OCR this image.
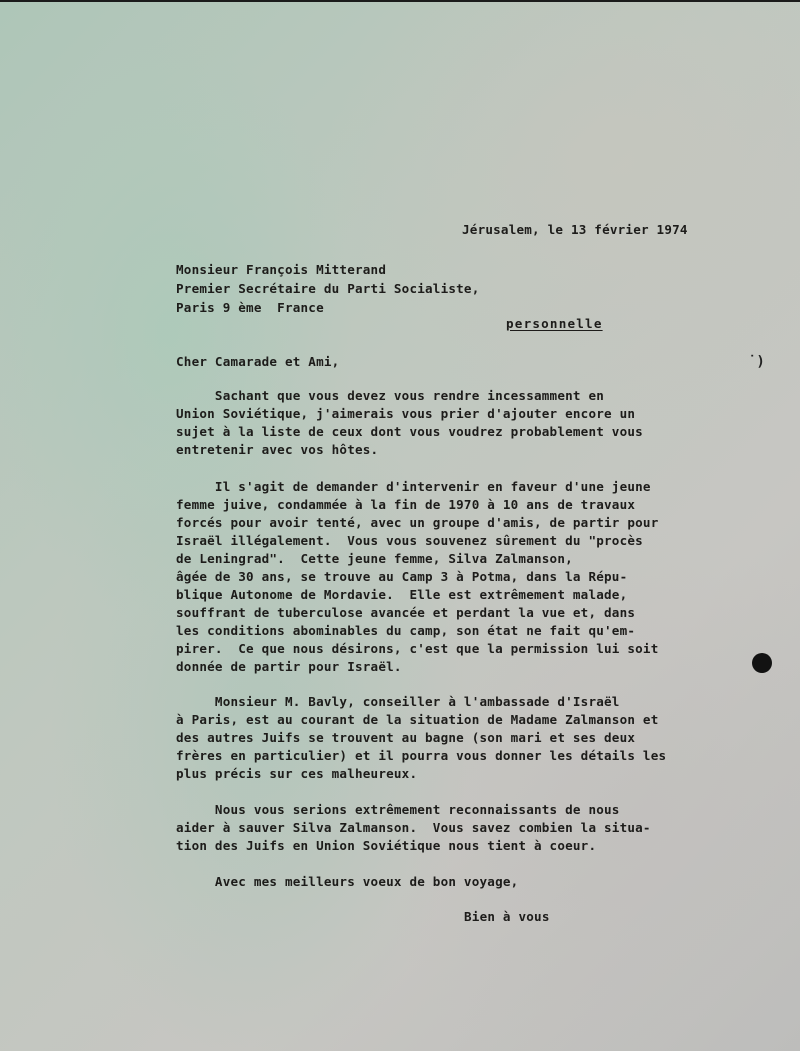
Jérusalem, le 13 février 1974
Monsieur François Mitterand
Premier Secrétaire du Parti Socialiste,
Paris 9 ème  France
personnelle
Cher Camarade et Ami,
Sachant que vous devez vous rendre incessamment en
Union Soviétique, j'aimerais vous prier d'ajouter encore un
sujet à la liste de ceux dont vous voudrez probablement vous
entretenir avec vos hôtes.
Il s'agit de demander d'intervenir en faveur d'une jeune
femme juive, condammée à la fin de 1970 à 10 ans de travaux
forcés pour avoir tenté, avec un groupe d'amis, de partir pour
Israël illégalement.  Vous vous souvenez sûrement du "procès
de Leningrad".  Cette jeune femme, Silva Zalmanson,
âgée de 30 ans, se trouve au Camp 3 à Potma, dans la Répu-
blique Autonome de Mordavie.  Elle est extrêmement malade,
souffrant de tuberculose avancée et perdant la vue et, dans
les conditions abominables du camp, son état ne fait qu'em-
pirer.  Ce que nous désirons, c'est que la permission lui soit
donnée de partir pour Israël.
Monsieur M. Bavly, conseiller à l'ambassade d'Israël
à Paris, est au courant de la situation de Madame Zalmanson et
des autres Juifs se trouvent au bagne (son mari et ses deux
frères en particulier) et il pourra vous donner les détails les
plus précis sur ces malheureux.
Nous vous serions extrêmement reconnaissants de nous
aider à sauver Silva Zalmanson.  Vous savez combien la situa-
tion des Juifs en Union Soviétique nous tient à coeur.
Avec mes meilleurs voeux de bon voyage,
Bien à vous
˙)
